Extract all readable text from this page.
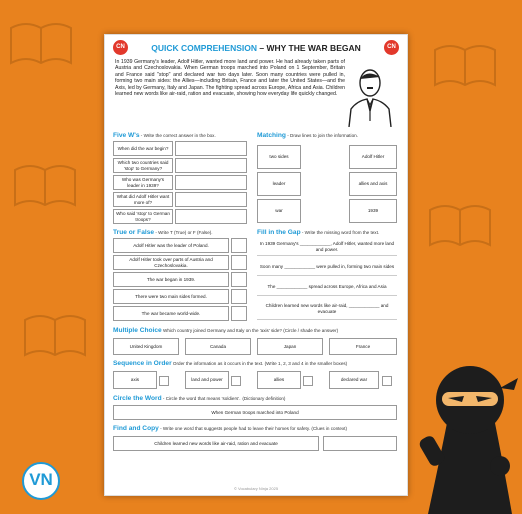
CN	CN
QUICK COMPREHENSION – WHY THE WAR BEGAN
In 1939 Germany's leader, Adolf Hitler, wanted more land and power. He had already taken parts of Austria and Czechoslovakia. When German troops marched into Poland on 1 September, Britain and France said "stop" and declared war two days later. Soon many countries were pulled in, forming two main sides: the Allies—including Britain, France and later the United States—and the Axis, led by Germany, Italy and Japan. The fighting spread across Europe, Africa and Asia. Children learned new words like air-raid, ration and evacuate, showing how everyday life quickly changed.
Five W's - Write the correct answer in the box.
When did the war begin?
Which two countries said 'stop' to Germany?
Who was Germany's leader in 1939?
What did Adolf Hitler want more of?
Who said 'stop' to German troops?
Matching - Draw lines to join the information.
two sides
leader
war
Adolf Hitler
allies and axis
1939
True or False - Write T (True) or F (False).
Adolf Hitler was the leader of Poland.
Adolf Hitler took over parts of Austria and Czechoslovakia.
The war began in 1939.
There were two main sides formed.
The war became world-wide.
Fill in the Gap - Write the missing word from the text.
In 1939 Germany's ____________, Adolf Hitler, wanted more land and power.
Soon many ____________ were pulled in, forming two main sides
The ____________ spread across Europe, Africa and Asia
Children learned new words like air-raid, ____________ and evacuate
Multiple Choice Which country joined Germany and Italy on the 'axis' side? (Circle / shade the answer)
United Kingdom	Canada	Japan	France
Sequence in Order Order the information as it occurs in the text. (Write 1, 2, 3 and 4 in the smaller boxes)
axis	land and power	allies	declared war
Circle the Word - Circle the word that means 'soldiers'. (Dictionary definition)
When German troops marched into Poland
Find and Copy - Write one word that suggests people had to leave their homes for safety. (Clues in context)
Children learned new words like air-raid, ration and evacuate
© Vocabulary Ninja 2025
VN
